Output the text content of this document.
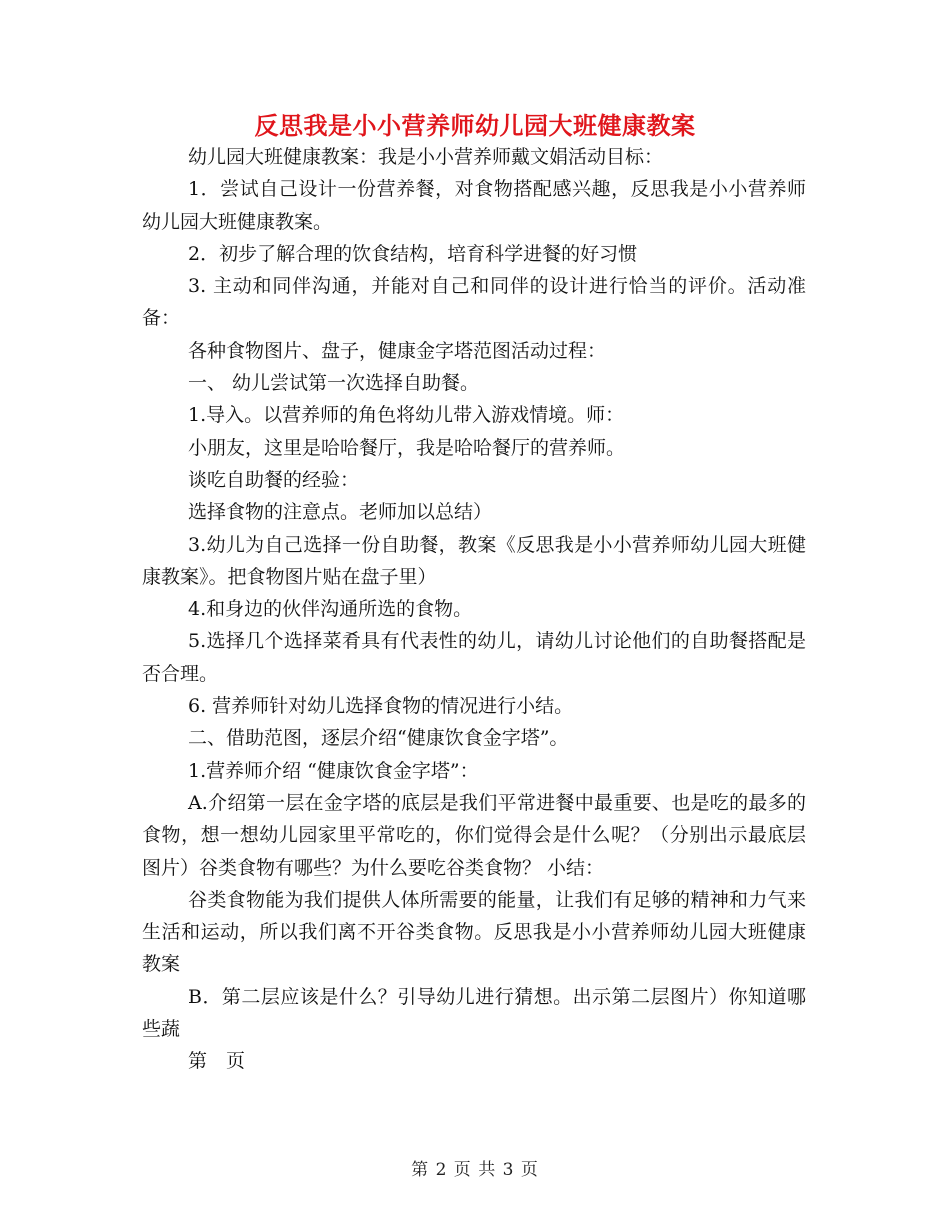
反思我是小小营养师幼儿园大班健康教案

幼儿园大班健康教案：我是小小营养师戴文娟活动目标：

1．尝试自己设计一份营养餐，对食物搭配感兴趣，反思我是小小营养师幼儿园大班健康教案。

2．初步了解合理的饮食结构，培育科学进餐的好习惯

3. 主动和同伴沟通，并能对自己和同伴的设计进行恰当的评价。活动准备：

各种食物图片、盘子，健康金字塔范图活动过程：

一、 幼儿尝试第一次选择自助餐。

1.导入。以营养师的角色将幼儿带入游戏情境。师：

小朋友，这里是哈哈餐厅，我是哈哈餐厅的营养师。

谈吃自助餐的经验：

选择食物的注意点。老师加以总结）

3.幼儿为自己选择一份自助餐，教案《反思我是小小营养师幼儿园大班健康教案》。把食物图片贴在盘子里）

4.和身边的伙伴沟通所选的食物。

5.选择几个选择菜肴具有代表性的幼儿，请幼儿讨论他们的自助餐搭配是否合理。

6. 营养师针对幼儿选择食物的情况进行小结。

二、借助范图，逐层介绍“健康饮食金字塔”。

1.营养师介绍 “健康饮食金字塔”：

A.介绍第一层在金字塔的底层是我们平常进餐中最重要、也是吃的最多的食物，想一想幼儿园家里平常吃的，你们觉得会是什么呢？（分别出示最底层图片）谷类食物有哪些？为什么要吃谷类食物？ 小结：

谷类食物能为我们提供人体所需要的能量，让我们有足够的精神和力气来生活和运动，所以我们离不开谷类食物。反思我是小小营养师幼儿园大班健康教案

B．第二层应该是什么？引导幼儿进行猜想。出示第二层图片）你知道哪些蔬

第　页

第 2 页 共 3 页
